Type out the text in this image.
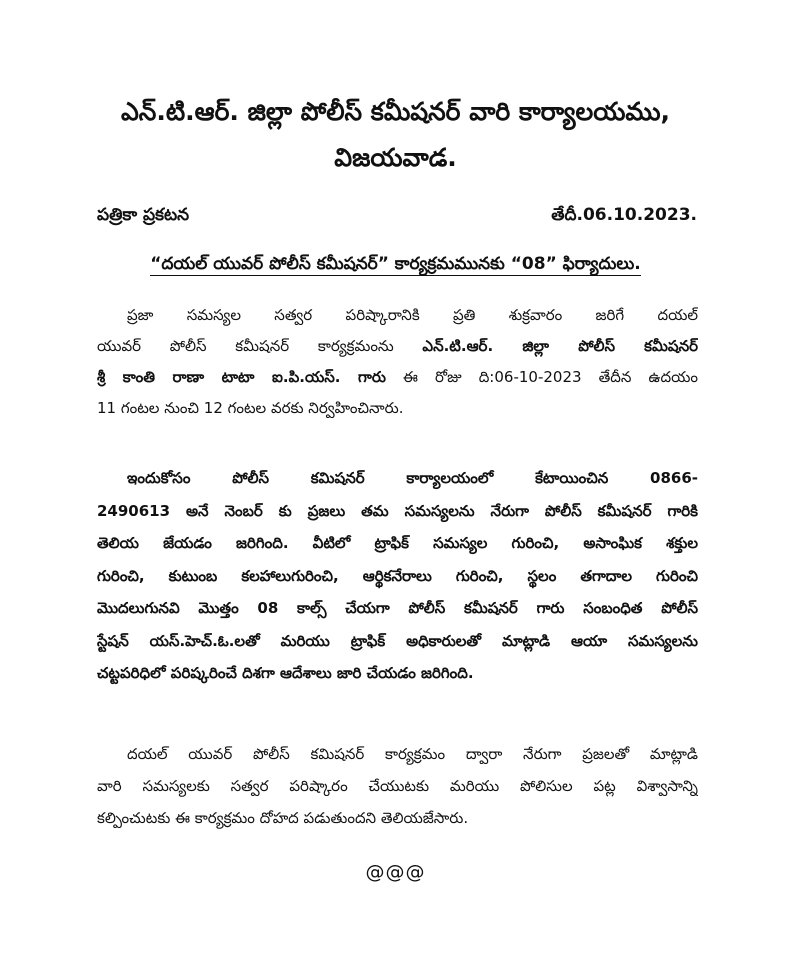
ఎన్.టి.ఆర్. జిల్లా పోలీస్ కమీషనర్ వారి కార్యాలయము,
విజయవాడ.
పత్రికా ప్రకటన	తేదీ.06.10.2023.
“దయల్ యువర్ పోలీస్ కమీషనర్” కార్యక్రమమునకు “08” ఫిర్యాదులు.
ప్రజా సమస్యల సత్వర పరిష్కారానికి ప్రతి శుక్రవారం జరిగే దయల్
యువర్ పోలీస్ కమీషనర్ కార్యక్రమంను ఎన్.టి.ఆర్. జిల్లా పోలీస్ కమీషనర్
శ్రీ కాంతి రాణా టాటా ఐ.పి.యస్. గారు ఈ రోజు ది:06-10-2023 తేదీన ఉదయం
11 గంటల నుంచి 12 గంటల వరకు నిర్వహించినారు.
ఇందుకోసం పోలీస్ కమిషనర్ కార్యాలయంలో కేటాయించిన 0866-
2490613 అనే నెంబర్ కు ప్రజలు తమ సమస్యలను నేరుగా పోలీస్ కమీషనర్ గారికి
తెలియ జేయడం జరిగింది. వీటిలో ట్రాఫిక్ సమస్యల గురించి, అసాంఘిక శక్తుల
గురించి, కుటుంబ కలహాలుగురించి, ఆర్థికనేరాలు గురించి, స్థలం తగాదాల గురించి
మొదలుగునవి మొత్తం 08 కాల్స్ చేయగా పోలీస్ కమీషనర్ గారు సంబంధిత పోలీస్
స్టేషన్ యస్.హెచ్.ఓ.లతో మరియు ట్రాఫిక్ అధికారులతో మాట్లాడి ఆయా సమస్యలను
చట్టపరిధిలో పరిష్కరించే దిశగా ఆదేశాలు జారి చేయడం జరిగింది.
దయల్ యువర్ పోలీస్ కమిషనర్ కార్యక్రమం ద్వారా నేరుగా ప్రజలతో మాట్లాడి
వారి సమస్యలకు సత్వర పరిష్కారం చేయుటకు మరియు పోలిసుల పట్ల విశ్వాసాన్ని
కల్పించుటకు ఈ కార్యక్రమం దోహద పడుతుందని తెలియజేసారు.
@@@
